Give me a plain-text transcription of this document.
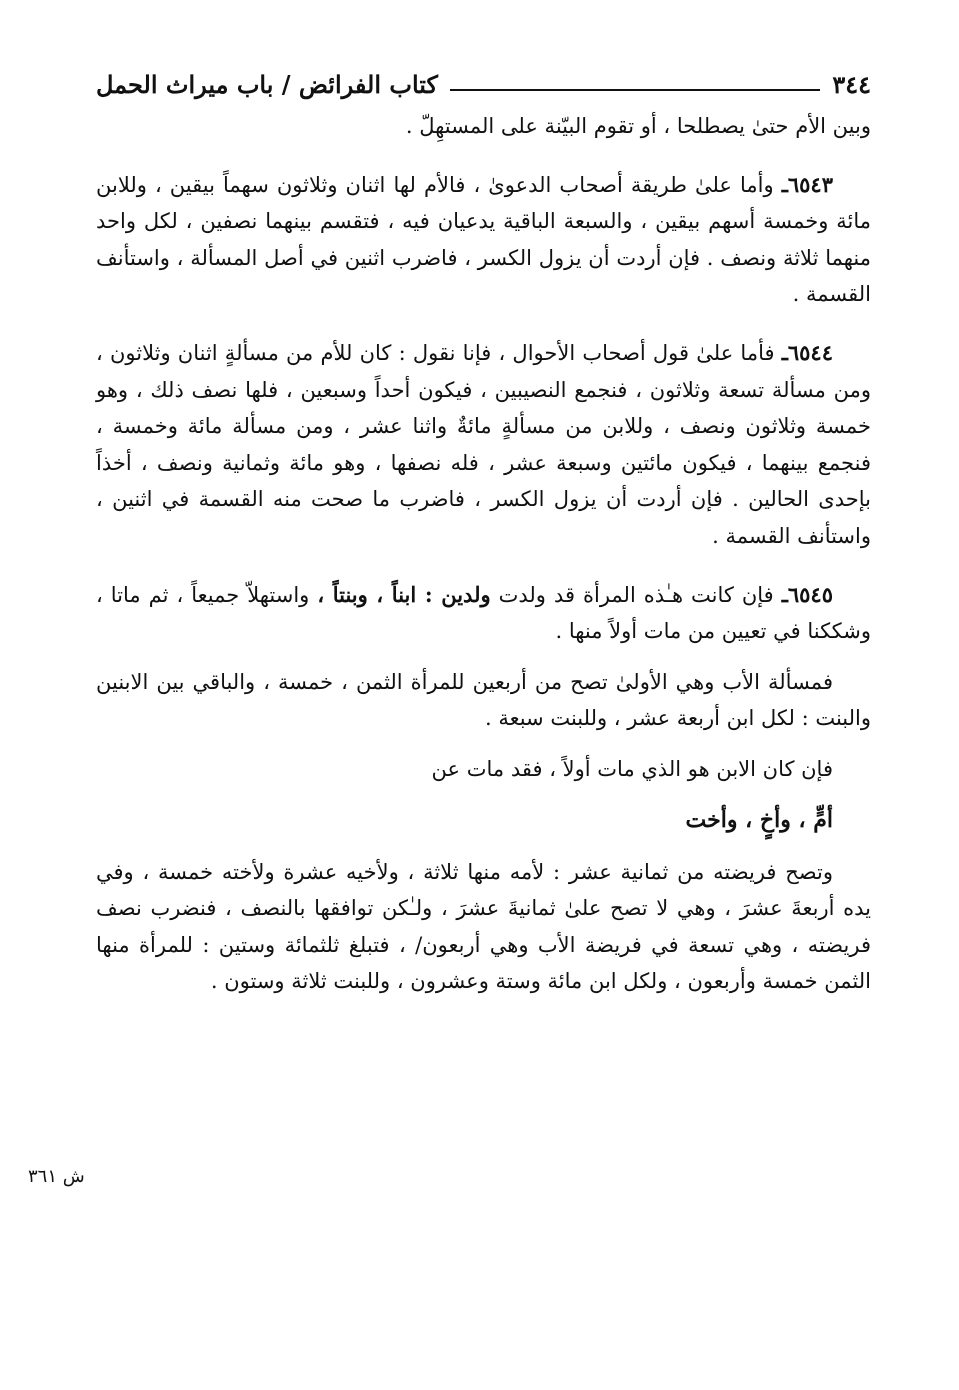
٣٤٤
كتاب الفرائض / باب ميراث الحمل

وبين الأم حتىٰ يصطلحا ، أو تقوم البيّنة على المستهِلّ .

٦٥٤٣ـ وأما علىٰ طريقة أصحاب الدعوىٰ ، فالأم لها اثنان وثلاثون سهماً بيقين ، وللابن مائة وخمسة أسهم بيقين ، والسبعة الباقية يدعيان فيه ، فتقسم بينهما نصفين ، لكل واحد منهما ثلاثة ونصف . فإن أردت أن يزول الكسر ، فاضرب اثنين في أصل المسألة ، واستأنف القسمة .

٦٥٤٤ـ فأما علىٰ قول أصحاب الأحوال ، فإنا نقول : كان للأم من مسألةٍ اثنان وثلاثون ، ومن مسألة تسعة وثلاثون ، فنجمع النصيبين ، فيكون أحداً وسبعين ، فلها نصف ذلك ، وهو خمسة وثلاثون ونصف ، وللابن من مسألةٍ مائةٌ واثنا عشر ، ومن مسألة مائة وخمسة ، فنجمع بينهما ، فيكون مائتين وسبعة عشر ، فله نصفها ، وهو مائة وثمانية ونصف ، أخذاً بإحدى الحالين . فإن أردت أن يزول الكسر ، فاضرب ما صحت منه القسمة في اثنين ، واستأنف القسمة .

٦٥٤٥ـ فإن كانت هـٰذه المرأة قد ولدت ولدين : ابناً ، وبنتاً ، واستهلاّ جميعاً ، ثم ماتا ، وشككنا في تعيين من مات أولاً منها .

فمسألة الأب وهي الأولىٰ تصح من أربعين للمرأة الثمن ، خمسة ، والباقي بين الابنين والبنت : لكل ابن أربعة عشر ، وللبنت سبعة .

فإن كان الابن هو الذي مات أولاً ، فقد مات عن

أمٍّ ، وأخٍ ، وأخت

وتصح فريضته من ثمانية عشر : لأمه منها ثلاثة ، ولأخيه عشرة ولأخته خمسة ، وفي يده أربعةَ عشرَ ، وهي لا تصح علىٰ ثمانيةَ عشرَ ، ولـٰكن توافقها بالنصف ، فنضرب نصف فريضته ، وهي تسعة في فريضة الأب وهي أربعون/ ، فتبلغ ثلثمائة وستين : للمرأة منها الثمن خمسة وأربعون ، ولكل ابن مائة وستة وعشرون ، وللبنت ثلاثة وستون .

ش ٣٦١
